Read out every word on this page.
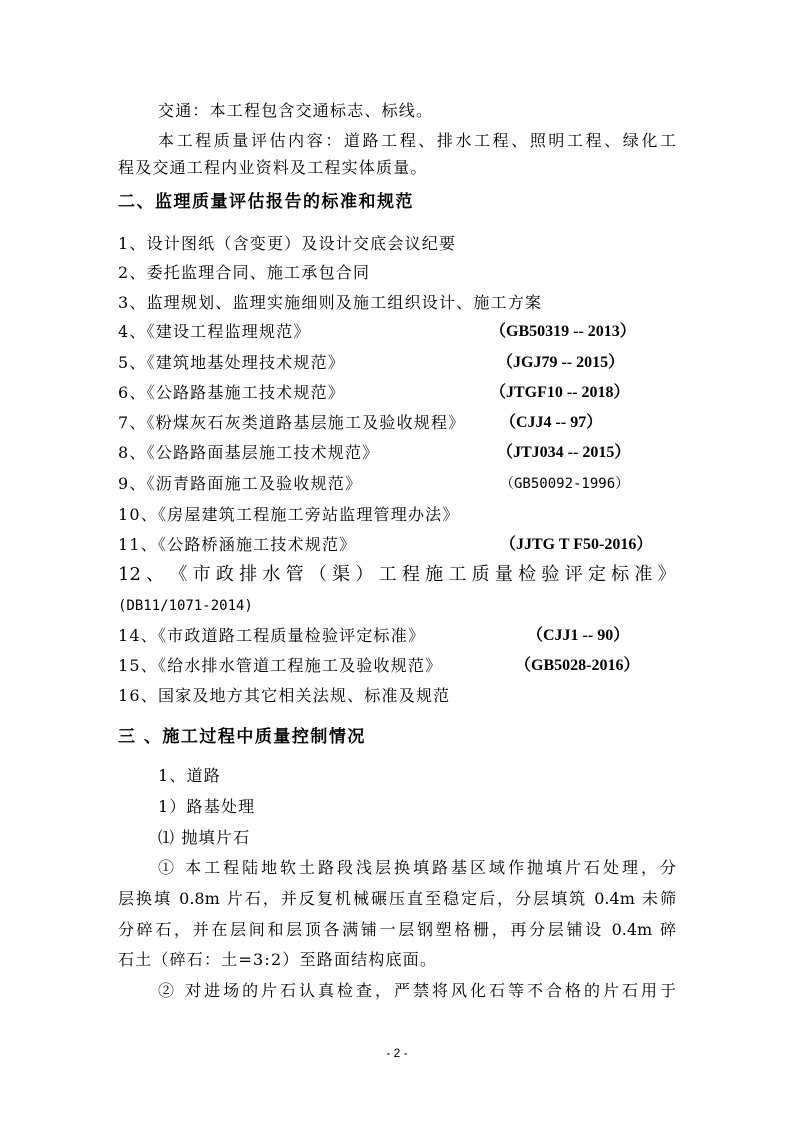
交通：本工程包含交通标志、标线。
本工程质量评估内容：道路工程、排水工程、照明工程、绿化工
程及交通工程内业资料及工程实体质量。
二、监理质量评估报告的标准和规范
1、设计图纸（含变更）及设计交底会议纪要
2、委托监理合同、施工承包合同
3、监理规划、监理实施细则及施工组织设计、施工方案
4、《建设工程监理规范》	（GB50319 -- 2013）
5、《建筑地基处理技术规范》	（JGJ79 -- 2015）
6、《公路路基施工技术规范》	（JTGF10 -- 2018）
7、《粉煤灰石灰类道路基层施工及验收规程》 （CJJ4 -- 97）
8、《公路路面基层施工技术规范》	（JTJ034 -- 2015）
9、《沥青路面施工及验收规范》	（GB50092-1996）
10、《房屋建筑工程施工旁站监理管理办法》
11、《公路桥涵施工技术规范》	（JJTG T F50-2016）
12 、 《 市 政 排 水 管 （ 渠 ） 工 程 施 工 质 量 检 验 评 定 标 准 》
(DB11/1071-2014)
14、《市政道路工程质量检验评定标准》	（CJJ1 -- 90）
15、《给水排水管道工程施工及验收规范》	（GB5028-2016）
16、国家及地方其它相关法规、标准及规范
三 、施工过程中质量控制情况
1、道路
1）路基处理
⑴ 抛填片石
① 本工程陆地软土路段浅层换填路基区域作抛填片石处理，分
层换填 0.8m 片石，并反复机械碾压直至稳定后，分层填筑 0.4m 未筛
分碎石，并在层间和层顶各满铺一层钢塑格栅，再分层铺设 0.4m 碎
石土（碎石：土=3:2）至路面结构底面。
② 对进场的片石认真检查，严禁将风化石等不合格的片石用于
- 2 -
